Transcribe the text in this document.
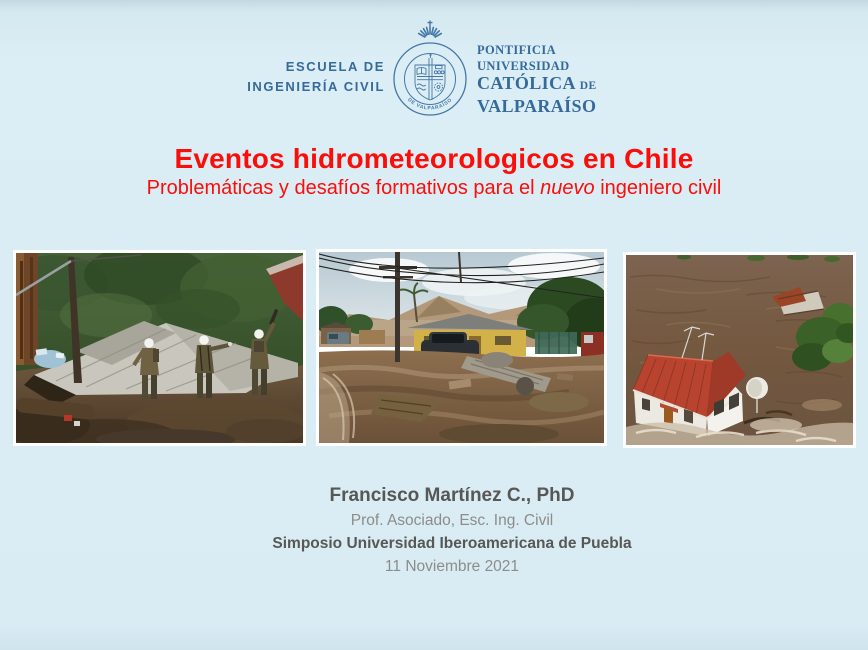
ESCUELA DE
INGENIERÍA CIVIL
DE VALPARAÍSO
PONTIFICIA
UNIVERSIDAD
CATÓLICA DE
VALPARAÍSO
Eventos hidrometeorologicos en Chile
Problemáticas y desafíos formativos para el nuevo ingeniero civil
Francisco Martínez C., PhD
Prof. Asociado, Esc. Ing. Civil
Simposio Universidad Iberoamericana de Puebla
11 Noviembre 2021
